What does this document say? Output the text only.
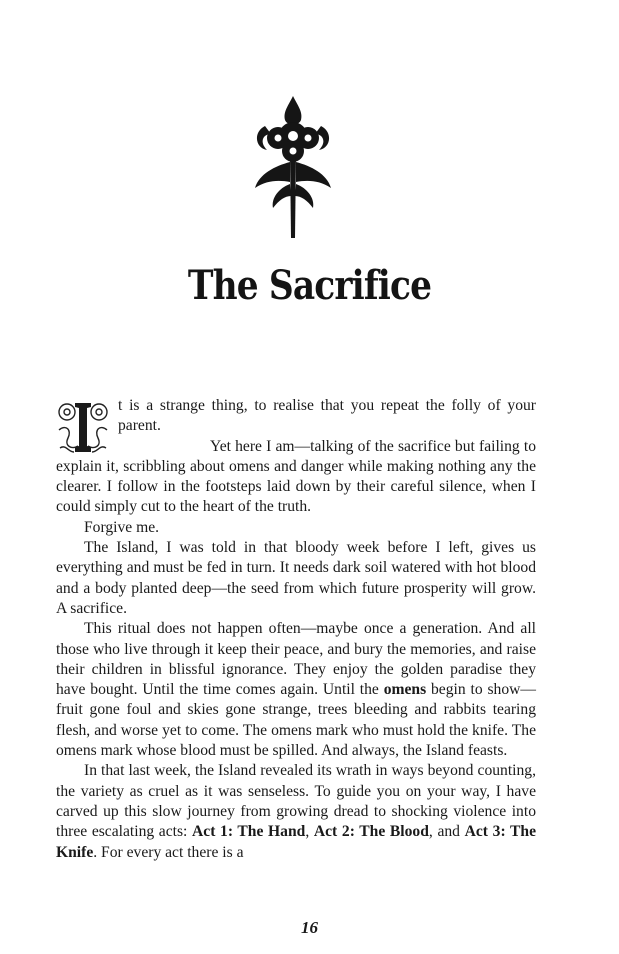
The Sacrifice

t is a strange thing, to realise that you repeat the folly of your parent.

Yet here I am—talking of the sacrifice but failing to explain it, scribbling about omens and danger while making nothing any the clearer. I follow in the footsteps laid down by their careful silence, when I could simply cut to the heart of the truth.

Forgive me.

The Island, I was told in that bloody week before I left, gives us everything and must be fed in turn. It needs dark soil watered with hot blood and a body planted deep—the seed from which future prosperity will grow. A sacrifice.

This ritual does not happen often—maybe once a generation. And all those who live through it keep their peace, and bury the memories, and raise their children in blissful ignorance. They enjoy the golden paradise they have bought. Until the time comes again. Until the omens begin to show—fruit gone foul and skies gone strange, trees bleeding and rabbits tearing flesh, and worse yet to come. The omens mark who must hold the knife. The omens mark whose blood must be spilled. And always, the Island feasts.

In that last week, the Island revealed its wrath in ways beyond counting, the variety as cruel as it was senseless. To guide you on your way, I have carved up this slow journey from growing dread to shocking violence into three escalating acts: Act 1: The Hand, Act 2: The Blood, and Act 3: The Knife. For every act there is a

16
